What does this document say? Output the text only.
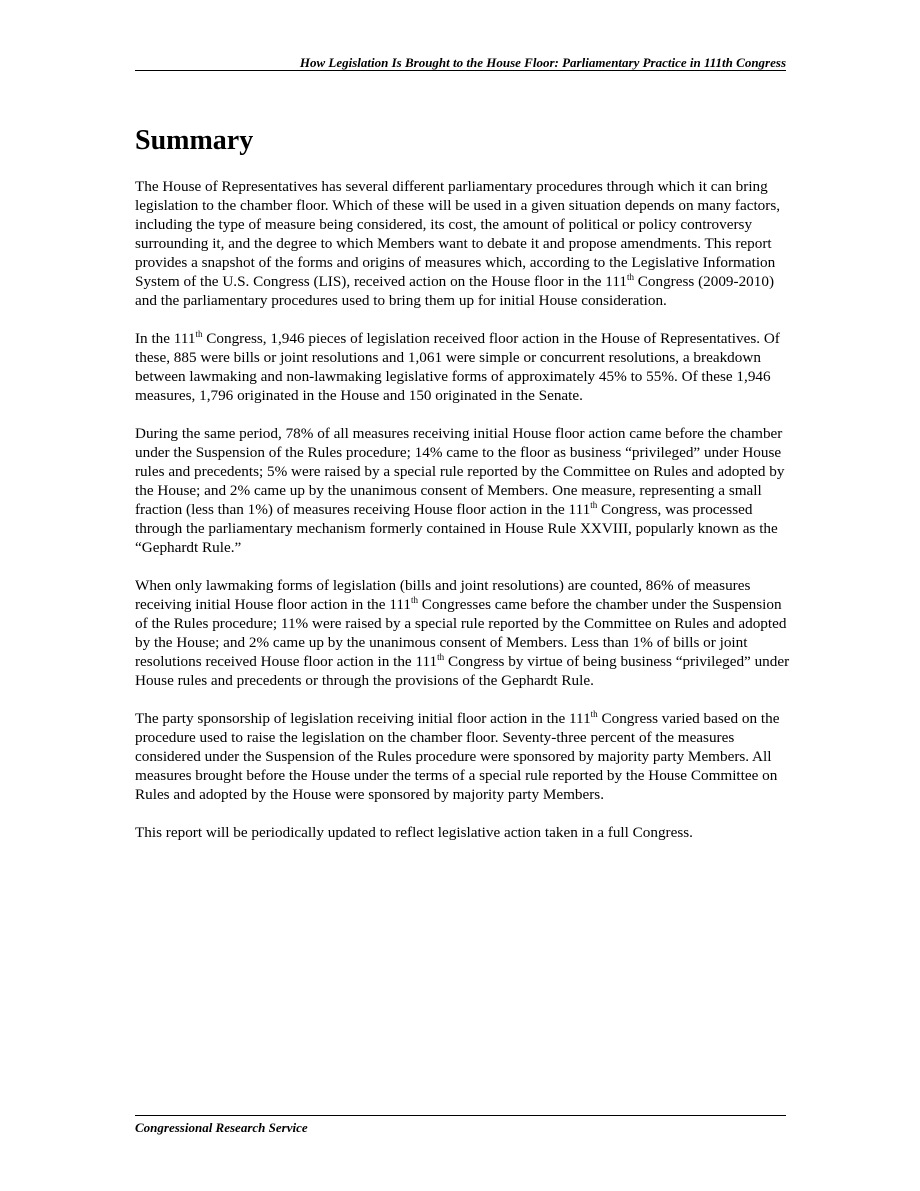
How Legislation Is Brought to the House Floor: Parliamentary Practice in 111th Congress
Summary

The House of Representatives has several different parliamentary procedures through which it can bring legislation to the chamber floor. Which of these will be used in a given situation depends on many factors, including the type of measure being considered, its cost, the amount of political or policy controversy surrounding it, and the degree to which Members want to debate it and propose amendments. This report provides a snapshot of the forms and origins of measures which, according to the Legislative Information System of the U.S. Congress (LIS), received action on the House floor in the 111th Congress (2009-2010) and the parliamentary procedures used to bring them up for initial House consideration.

In the 111th Congress, 1,946 pieces of legislation received floor action in the House of Representatives. Of these, 885 were bills or joint resolutions and 1,061 were simple or concurrent resolutions, a breakdown between lawmaking and non-lawmaking legislative forms of approximately 45% to 55%. Of these 1,946 measures, 1,796 originated in the House and 150 originated in the Senate.

During the same period, 78% of all measures receiving initial House floor action came before the chamber under the Suspension of the Rules procedure; 14% came to the floor as business “privileged” under House rules and precedents; 5% were raised by a special rule reported by the Committee on Rules and adopted by the House; and 2% came up by the unanimous consent of Members. One measure, representing a small fraction (less than 1%) of measures receiving House floor action in the 111th Congress, was processed through the parliamentary mechanism formerly contained in House Rule XXVIII, popularly known as the “Gephardt Rule.”

When only lawmaking forms of legislation (bills and joint resolutions) are counted, 86% of measures receiving initial House floor action in the 111th Congresses came before the chamber under the Suspension of the Rules procedure; 11% were raised by a special rule reported by the Committee on Rules and adopted by the House; and 2% came up by the unanimous consent of Members. Less than 1% of bills or joint resolutions received House floor action in the 111th Congress by virtue of being business “privileged” under House rules and precedents or through the provisions of the Gephardt Rule.

The party sponsorship of legislation receiving initial floor action in the 111th Congress varied based on the procedure used to raise the legislation on the chamber floor. Seventy-three percent of the measures considered under the Suspension of the Rules procedure were sponsored by majority party Members. All measures brought before the House under the terms of a special rule reported by the House Committee on Rules and adopted by the House were sponsored by majority party Members.

This report will be periodically updated to reflect legislative action taken in a full Congress.

Congressional Research Service
